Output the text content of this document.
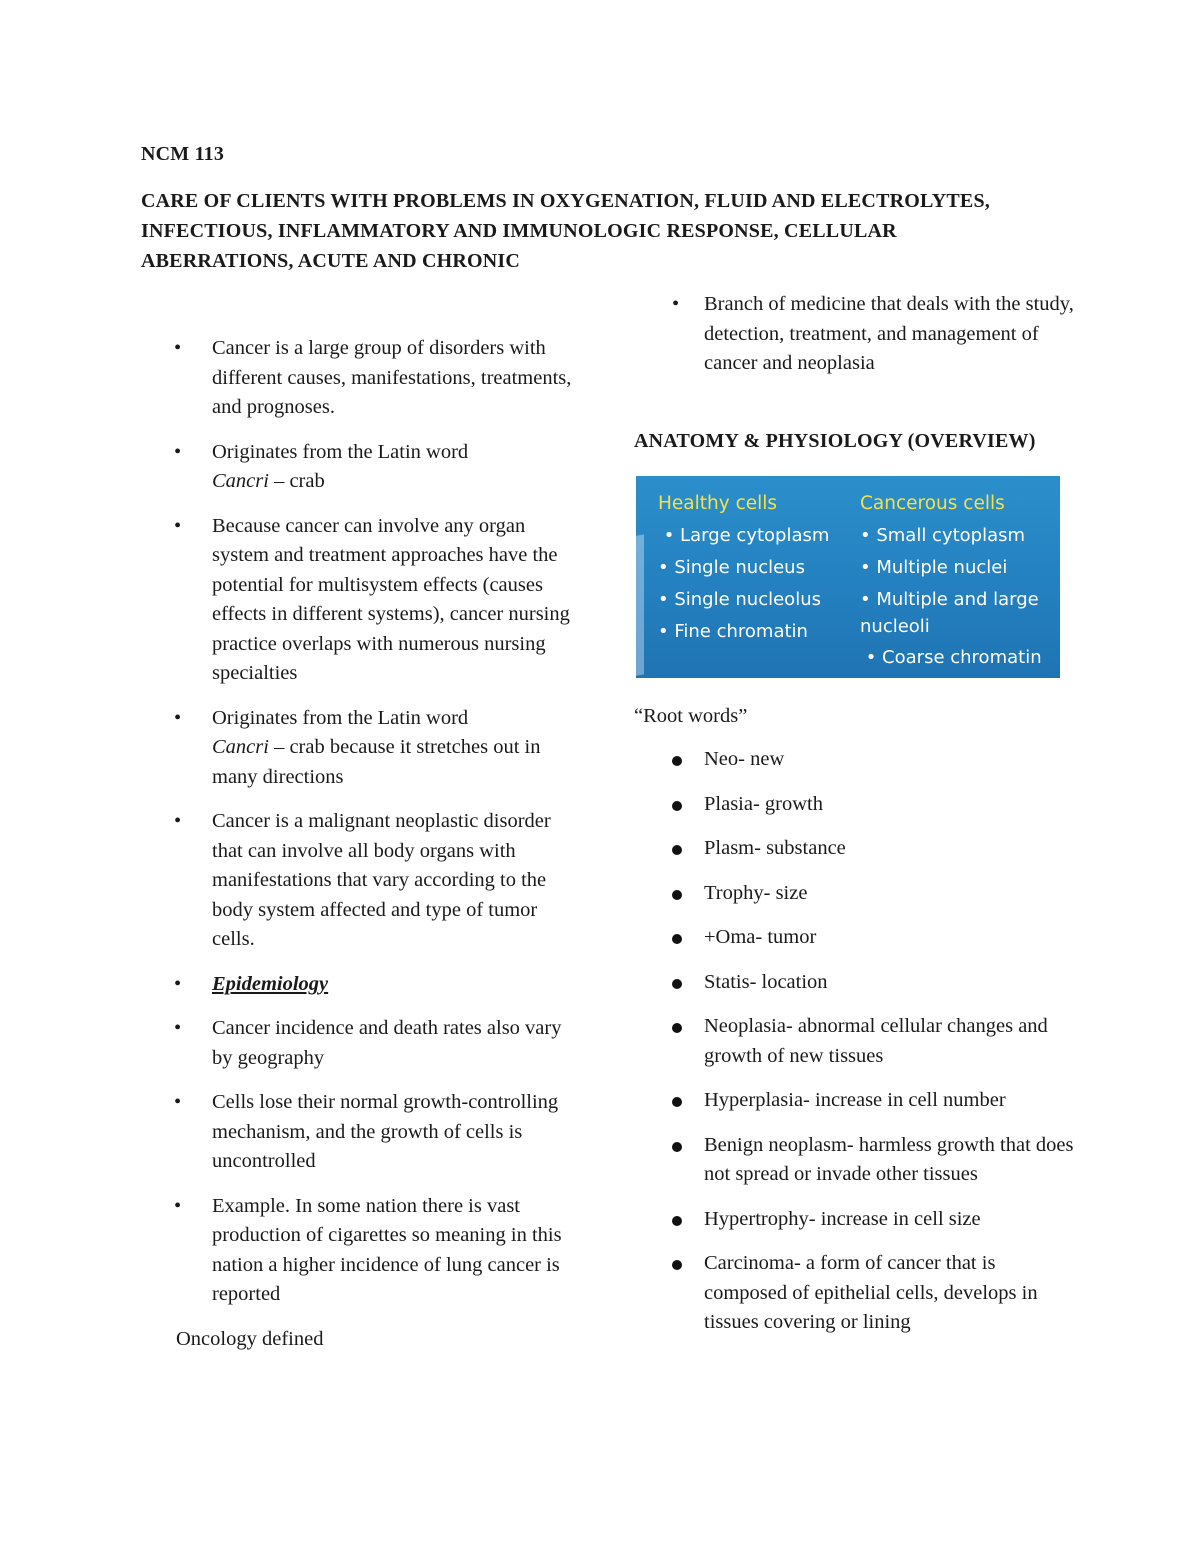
NCM 113
CARE OF CLIENTS WITH PROBLEMS IN OXYGENATION, FLUID AND ELECTROLYTES, INFECTIOUS, INFLAMMATORY AND IMMUNOLOGIC RESPONSE, CELLULAR ABERRATIONS, ACUTE AND CHRONIC
• Cancer is a large group of disorders with different causes, manifestations, treatments, and prognoses.
• Originates from the Latin word
Cancri – crab
• Because cancer can involve any organ system and treatment approaches have the potential for multisystem effects (causes effects in different systems), cancer nursing practice overlaps with numerous nursing specialties
• Originates from the Latin word
Cancri – crab because it stretches out in many directions
• Cancer is a malignant neoplastic disorder that can involve all body organs with manifestations that vary according to the body system affected and type of tumor cells.
• Epidemiology
• Cancer incidence and death rates also vary by geography
• Cells lose their normal growth-controlling mechanism, and the growth of cells is uncontrolled
• Example. In some nation there is vast production of cigarettes so meaning in this nation a higher incidence of lung cancer is reported
Oncology defined
• Branch of medicine that deals with the study, detection, treatment, and management of cancer and neoplasia
ANATOMY & PHYSIOLOGY (OVERVIEW)
Healthy cells
• Large cytoplasm
• Single nucleus
• Single nucleolus
• Fine chromatin
Cancerous cells
• Small cytoplasm
• Multiple nuclei
• Multiple and large nucleoli
• Coarse chromatin
“Root words”
Neo- new
Plasia- growth
Plasm- substance
Trophy- size
+Oma- tumor
Statis- location
Neoplasia- abnormal cellular changes and growth of new tissues
Hyperplasia- increase in cell number
Benign neoplasm- harmless growth that does not spread or invade other tissues
Hypertrophy- increase in cell size
Carcinoma- a form of cancer that is composed of epithelial cells, develops in tissues covering or lining
